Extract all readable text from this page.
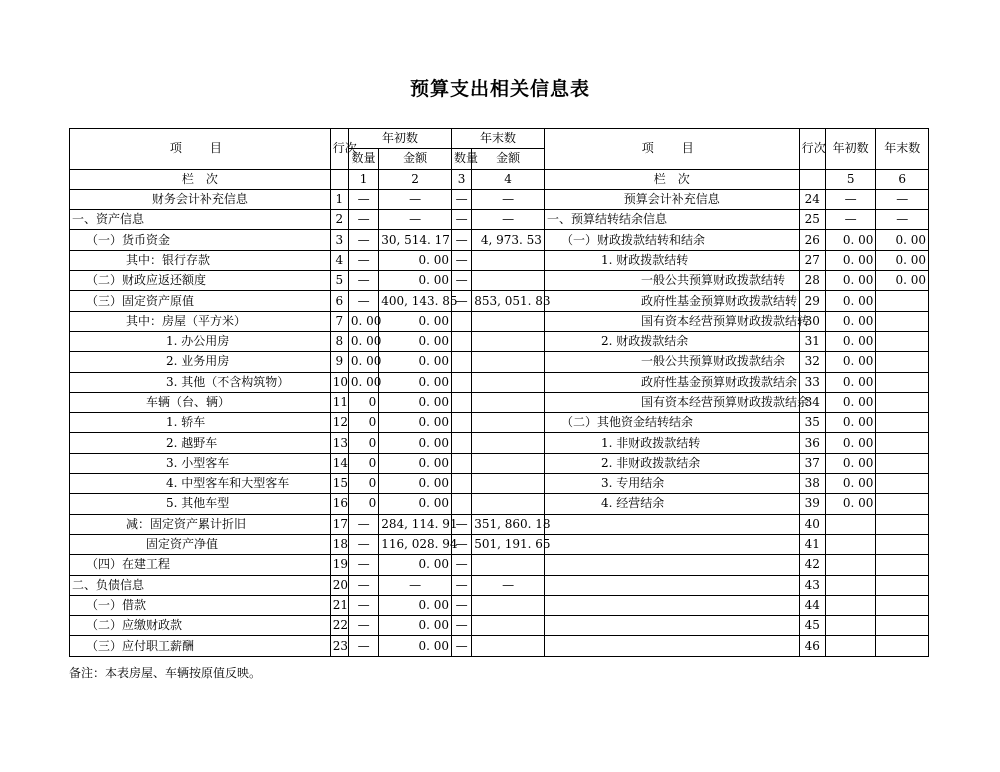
预算支出相关信息表
项　目	行次	年初数		年末数		项　目	行次	年初数	年末数
		数量	金额	数量	金额				
栏　次		1	2	3	4	栏　次		5	6
财务会计补充信息	1	—	—	—	—	预算会计补充信息	24	—	—
一、资产信息	2	—	—	—	—	一、预算结转结余信息	25	—	—
（一）货币资金	3	—	30, 514. 17	—	4, 973. 53	（一）财政拨款结转和结余	26	0. 00	0. 00
其中：银行存款	4	—	0. 00	—		1. 财政拨款结转	27	0. 00	0. 00
（二）财政应返还额度	5	—	0. 00	—		一般公共预算财政拨款结转	28	0. 00	0. 00
（三）固定资产原值	6	—	400, 143. 85	—	853, 051. 83	政府性基金预算财政拨款结转	29	0. 00	
其中：房屋（平方米）	7	0. 00	0. 00			国有资本经营预算财政拨款结转	30	0. 00	
1. 办公用房	8	0. 00	0. 00			2. 财政拨款结余	31	0. 00	
2. 业务用房	9	0. 00	0. 00			一般公共预算财政拨款结余	32	0. 00	
3. 其他（不含构筑物）	10	0. 00	0. 00			政府性基金预算财政拨款结余	33	0. 00	
车辆（台、辆）	11	0	0. 00			国有资本经营预算财政拨款结余	34	0. 00	
1. 轿车	12	0	0. 00			（二）其他资金结转结余	35	0. 00	
2. 越野车	13	0	0. 00			1. 非财政拨款结转	36	0. 00	
3. 小型客车	14	0	0. 00			2. 非财政拨款结余	37	0. 00	
4. 中型客车和大型客车	15	0	0. 00			3. 专用结余	38	0. 00	
5. 其他车型	16	0	0. 00			4. 经营结余	39	0. 00	
减：固定资产累计折旧	17	—	284, 114. 91	—	351, 860. 18		40		
固定资产净值	18	—	116, 028. 94	—	501, 191. 65		41		
（四）在建工程	19	—	0. 00	—			42		
二、负债信息	20	—	—	—	—		43		
（一）借款	21	—	0. 00	—			44		
（二）应缴财政款	22	—	0. 00	—			45		
（三）应付职工薪酬	23	—	0. 00	—			46		
备注：本表房屋、车辆按原值反映。
